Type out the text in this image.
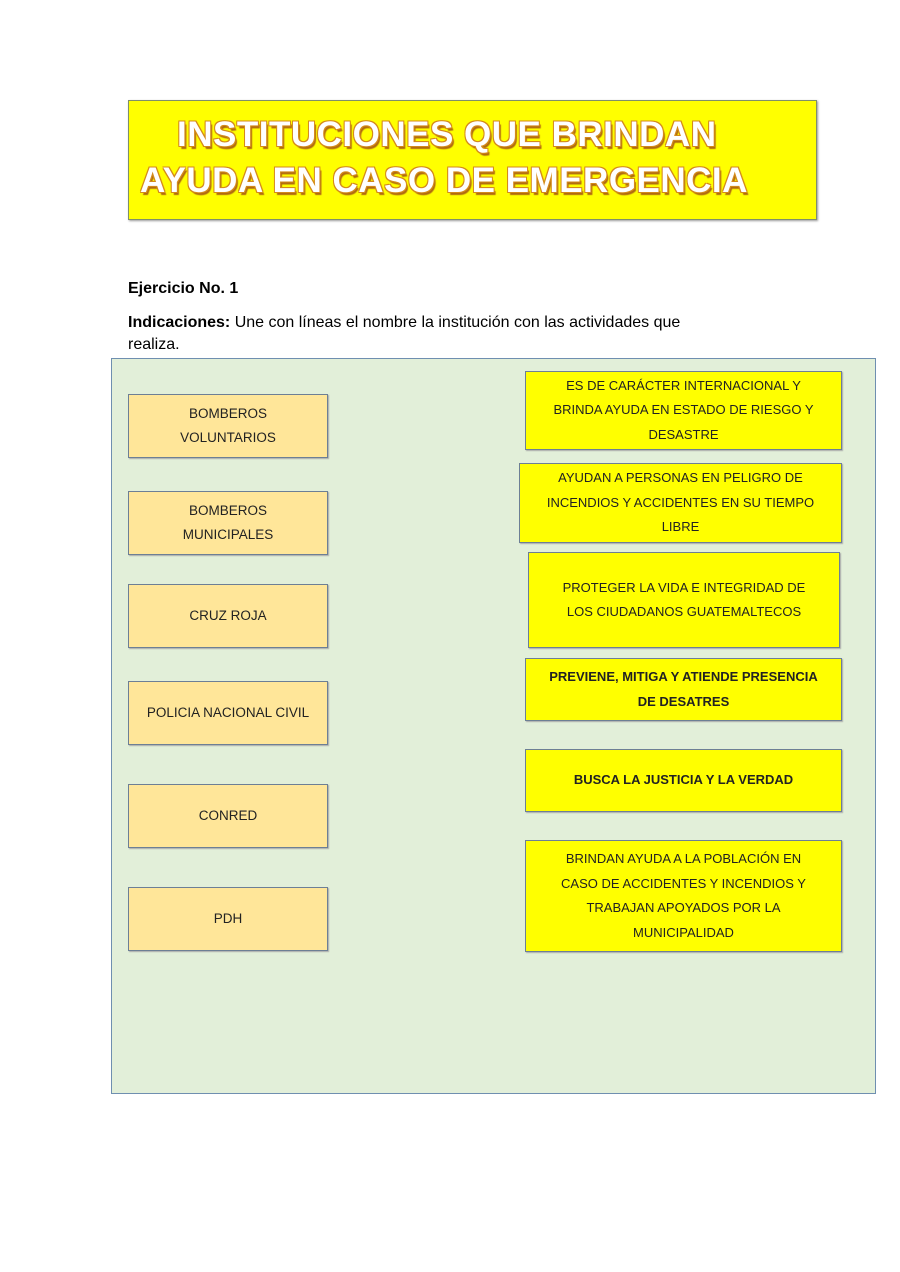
INSTITUCIONES QUE BRINDAN
AYUDA EN CASO DE EMERGENCIA
Ejercicio No. 1
Indicaciones: Une con líneas el nombre la institución con las actividades que
realiza.
BOMBEROS VOLUNTARIOS
BOMBEROS MUNICIPALES
CRUZ ROJA
POLICIA NACIONAL CIVIL
CONRED
PDH
ES DE CARÁCTER INTERNACIONAL Y BRINDA AYUDA EN ESTADO DE RIESGO Y DESASTRE
AYUDAN A PERSONAS EN PELIGRO DE INCENDIOS Y ACCIDENTES EN SU TIEMPO LIBRE
PROTEGER LA VIDA E INTEGRIDAD DE LOS CIUDADANOS GUATEMALTECOS
PREVIENE, MITIGA Y ATIENDE PRESENCIA DE DESATRES
BUSCA LA JUSTICIA Y LA VERDAD
BRINDAN AYUDA A LA POBLACIÓN EN CASO DE ACCIDENTES Y INCENDIOS Y TRABAJAN APOYADOS POR LA MUNICIPALIDAD
